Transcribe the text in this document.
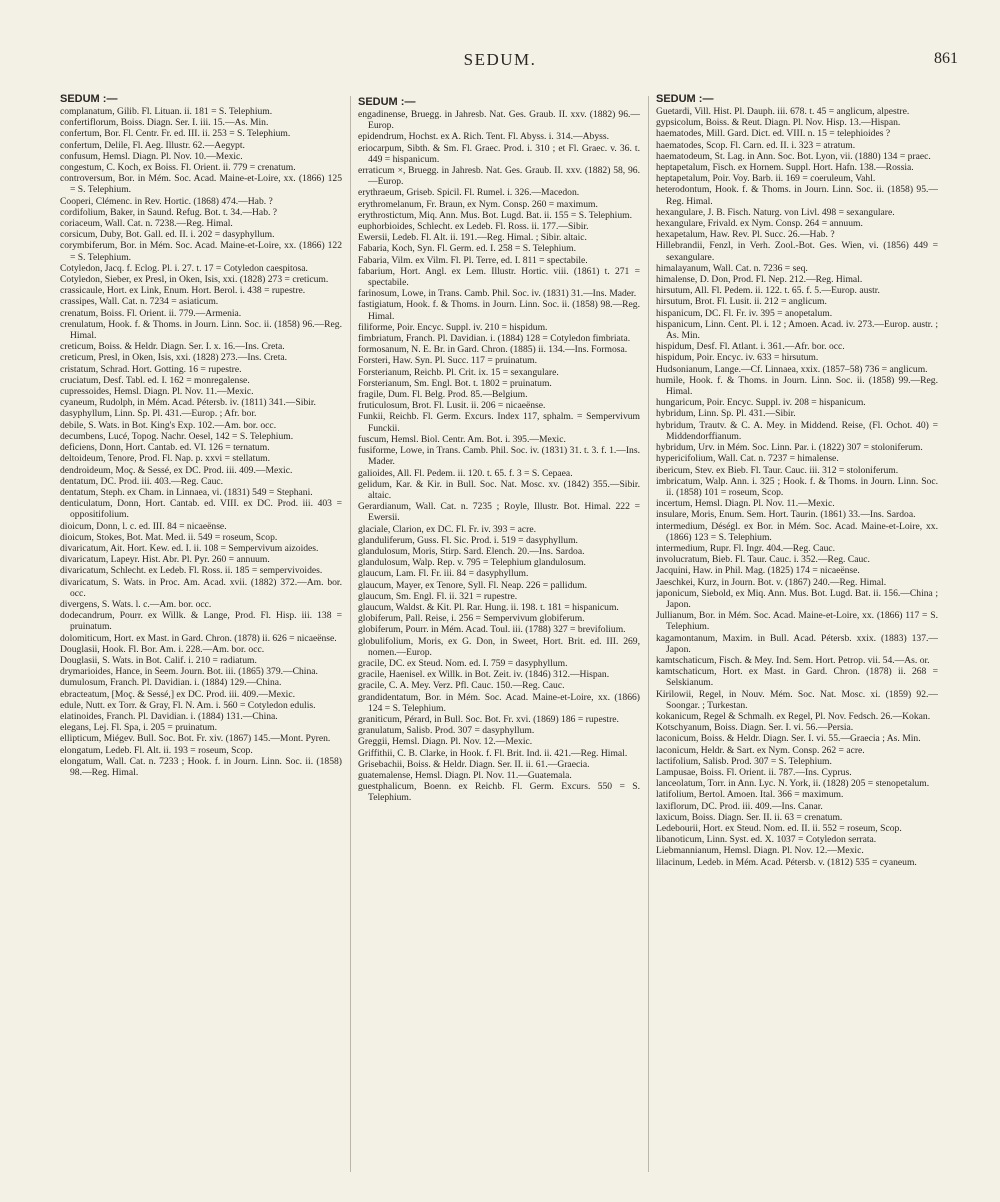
SEDUM.	861
SEDUM :—
complanatum, Gilib. Fl. Lituan. ii. 181 = S. Telephium.
confertiflorum, Boiss. Diagn. Ser. I. iii. 15.—As. Min.
confertum, Bor. Fl. Centr. Fr. ed. III. ii. 253 = S. Telephium.
confertum, Delile, Fl. Aeg. Illustr. 62.—Aegypt.
confusum, Hemsl. Diagn. Pl. Nov. 10.—Mexic.
congestum, C. Koch, ex Boiss. Fl. Orient. ii. 779 = crenatum.
controversum, Bor. in Mém. Soc. Acad. Maine-et-Loire, xx. (1866) 125 = S. Telephium.
Cooperi, Clémenc. in Rev. Hortic. (1868) 474.—Hab. ?
cordifolium, Baker, in Saund. Refug. Bot. t. 34.—Hab. ?
coriaceum, Wall. Cat. n. 7238.—Reg. Himal.
corsicum, Duby, Bot. Gall. ed. II. i. 202 = dasyphyllum.
corymbiferum, Bor. in Mém. Soc. Acad. Maine-et-Loire, xx. (1866) 122 = S. Telephium.
Cotyledon, Jacq. f. Eclog. Pl. i. 27. t. 17 = Cotyledon caespitosa.
Cotyledon, Sieber, ex Presl, in Oken, Isis, xxi. (1828) 273 = creticum.
crassicaule, Hort. ex Link, Enum. Hort. Berol. i. 438 = rupestre.
crassipes, Wall. Cat. n. 7234 = asiaticum.
crenatum, Boiss. Fl. Orient. ii. 779.—Armenia.
crenulatum, Hook. f. & Thoms. in Journ. Linn. Soc. ii. (1858) 96.—Reg. Himal.
creticum, Boiss. & Heldr. Diagn. Ser. I. x. 16.—Ins. Creta.
creticum, Presl, in Oken, Isis, xxi. (1828) 273.—Ins. Creta.
cristatum, Schrad. Hort. Gotting. 16 = rupestre.
cruciatum, Desf. Tabl. ed. I. 162 = monregalense.
cupressoides, Hemsl. Diagn. Pl. Nov. 11.—Mexic.
cyaneum, Rudolph, in Mém. Acad. Pétersb. iv. (1811) 341.—Sibir.
dasyphyllum, Linn. Sp. Pl. 431.—Europ. ; Afr. bor.
debile, S. Wats. in Bot. King's Exp. 102.—Am. bor. occ.
decumbens, Lucé, Topog. Nachr. Oesel, 142 = S. Telephium.
deficiens, Donn, Hort. Cantab. ed. VI. 126 = ternatum.
deltoideum, Tenore, Prod. Fl. Nap. p. xxvi = stellatum.
dendroideum, Moç. & Sessé, ex DC. Prod. iii. 409.—Mexic.
dentatum, DC. Prod. iii. 403.—Reg. Cauc.
dentatum, Steph. ex Cham. in Linnaea, vi. (1831) 549 = Stephani.
denticulatum, Donn, Hort. Cantab. ed. VIII. ex DC. Prod. iii. 403 = oppositifolium.
dioicum, Donn, l. c. ed. III. 84 = nicaeënse.
dioicum, Stokes, Bot. Mat. Med. ii. 549 = roseum, Scop.
divaricatum, Ait. Hort. Kew. ed. I. ii. 108 = Sempervivum aizoides.
divaricatum, Lapeyr. Hist. Abr. Pl. Pyr. 260 = annuum.
divaricatum, Schlecht. ex Ledeb. Fl. Ross. ii. 185 = sempervivoides.
divaricatum, S. Wats. in Proc. Am. Acad. xvii. (1882) 372.—Am. bor. occ.
divergens, S. Wats. l. c.—Am. bor. occ.
dodecandrum, Pourr. ex Willk. & Lange, Prod. Fl. Hisp. iii. 138 = pruinatum.
dolomiticum, Hort. ex Mast. in Gard. Chron. (1878) ii. 626 = nicaeënse.
Douglasii, Hook. Fl. Bor. Am. i. 228.—Am. bor. occ.
Douglasii, S. Wats. in Bot. Calif. i. 210 = radiatum.
drymarioides, Hance, in Seem. Journ. Bot. iii. (1865) 379.—China.
dumulosum, Franch. Pl. Davidian. i. (1884) 129.—China.
ebracteatum, [Moç. & Sessé,] ex DC. Prod. iii. 409.—Mexic.
edule, Nutt. ex Torr. & Gray, Fl. N. Am. i. 560 = Cotyledon edulis.
elatinoides, Franch. Pl. Davidian. i. (1884) 131.—China.
elegans, Lej. Fl. Spa, i. 205 = pruinatum.
ellipticum, Miégev. Bull. Soc. Bot. Fr. xiv. (1867) 145.—Mont. Pyren.
elongatum, Ledeb. Fl. Alt. ii. 193 = roseum, Scop.
elongatum, Wall. Cat. n. 7233 ; Hook. f. in Journ. Linn. Soc. ii. (1858) 98.—Reg. Himal.
SEDUM :—
engadinense, Bruegg. in Jahresb. Nat. Ges. Graub. II. xxv. (1882) 96.—Europ.
epidendrum, Hochst. ex A. Rich. Tent. Fl. Abyss. i. 314.—Abyss.
eriocarpum, Sibth. & Sm. Fl. Graec. Prod. i. 310 ; et Fl. Graec. v. 36. t. 449 = hispanicum.
erraticum ×, Bruegg. in Jahresb. Nat. Ges. Graub. II. xxv. (1882) 58, 96.—Europ.
erythraeum, Griseb. Spicil. Fl. Rumel. i. 326.—Macedon.
erythromelanum, Fr. Braun, ex Nym. Consp. 260 = maximum.
erythrostictum, Miq. Ann. Mus. Bot. Lugd. Bat. ii. 155 = S. Telephium.
euphorbioides, Schlecht. ex Ledeb. Fl. Ross. ii. 177.—Sibir.
Ewersii, Ledeb. Fl. Alt. ii. 191.—Reg. Himal. ; Sibir. altaic.
Fabaria, Koch, Syn. Fl. Germ. ed. I. 258 = S. Telephium.
Fabaria, Vilm. ex Vilm. Fl. Pl. Terre, ed. I. 811 = spectabile.
fabarium, Hort. Angl. ex Lem. Illustr. Hortic. viii. (1861) t. 271 = spectabile.
farinosum, Lowe, in Trans. Camb. Phil. Soc. iv. (1831) 31.—Ins. Mader.
fastigiatum, Hook. f. & Thoms. in Journ. Linn. Soc. ii. (1858) 98.—Reg. Himal.
filiforme, Poir. Encyc. Suppl. iv. 210 = hispidum.
fimbriatum, Franch. Pl. Davidian. i. (1884) 128 = Cotyledon fimbriata.
formosanum, N. E. Br. in Gard. Chron. (1885) ii. 134.—Ins. Formosa.
Forsteri, Haw. Syn. Pl. Succ. 117 = pruinatum.
Forsterianum, Reichb. Pl. Crit. ix. 15 = sexangulare.
Forsterianum, Sm. Engl. Bot. t. 1802 = pruinatum.
fragile, Dum. Fl. Belg. Prod. 85.—Belgium.
fruticulosum, Brot. Fl. Lusit. ii. 206 = nicaeënse.
Funkii, Reichb. Fl. Germ. Excurs. Index 117, sphalm. = Sempervivum Funckii.
fuscum, Hemsl. Biol. Centr. Am. Bot. i. 395.—Mexic.
fusiforme, Lowe, in Trans. Camb. Phil. Soc. iv. (1831) 31. t. 3. f. 1.—Ins. Mader.
galioides, All. Fl. Pedem. ii. 120. t. 65. f. 3 = S. Cepaea.
gelidum, Kar. & Kir. in Bull. Soc. Nat. Mosc. xv. (1842) 355.—Sibir. altaic.
Gerardianum, Wall. Cat. n. 7235 ; Royle, Illustr. Bot. Himal. 222 = Ewersii.
glaciale, Clarion, ex DC. Fl. Fr. iv. 393 = acre.
glanduliferum, Guss. Fl. Sic. Prod. i. 519 = dasyphyllum.
glandulosum, Moris, Stirp. Sard. Elench. 20.—Ins. Sardoa.
glandulosum, Walp. Rep. v. 795 = Telephium glandulosum.
glaucum, Lam. Fl. Fr. iii. 84 = dasyphyllum.
glaucum, Mayer, ex Tenore, Syll. Fl. Neap. 226 = pallidum.
glaucum, Sm. Engl. Fl. ii. 321 = rupestre.
glaucum, Waldst. & Kit. Pl. Rar. Hung. ii. 198. t. 181 = hispanicum.
globiferum, Pall. Reise, i. 256 = Sempervivum globiferum.
globiferum, Pourr. in Mém. Acad. Toul. iii. (1788) 327 = brevifolium.
globulifolium, Moris, ex G. Don, in Sweet, Hort. Brit. ed. III. 269, nomen.—Europ.
gracile, DC. ex Steud. Nom. ed. I. 759 = dasyphyllum.
gracile, Haenisel. ex Willk. in Bot. Zeit. iv. (1846) 312.—Hispan.
gracile, C. A. Mey. Verz. Pfl. Cauc. 150.—Reg. Cauc.
grandidentatum, Bor. in Mém. Soc. Acad. Maine-et-Loire, xx. (1866) 124 = S. Telephium.
graniticum, Pérard, in Bull. Soc. Bot. Fr. xvi. (1869) 186 = rupestre.
granulatum, Salisb. Prod. 307 = dasyphyllum.
Greggii, Hemsl. Diagn. Pl. Nov. 12.—Mexic.
Griffithii, C. B. Clarke, in Hook. f. Fl. Brit. Ind. ii. 421.—Reg. Himal.
Grisebachii, Boiss. & Heldr. Diagn. Ser. II. ii. 61.—Graecia.
guatemalense, Hemsl. Diagn. Pl. Nov. 11.—Guatemala.
guestphalicum, Boenn. ex Reichb. Fl. Germ. Excurs. 550 = S. Telephium.
SEDUM :—
Guetardi, Vill. Hist. Pl. Dauph. iii. 678. t. 45 = anglicum, alpestre.
gypsicolum, Boiss. & Reut. Diagn. Pl. Nov. Hisp. 13.—Hispan.
haematodes, Mill. Gard. Dict. ed. VIII. n. 15 = telephioides ?
haematodes, Scop. Fl. Carn. ed. II. i. 323 = atratum.
haematodeum, St. Lag. in Ann. Soc. Bot. Lyon, vii. (1880) 134 = praec.
heptapetalum, Fisch. ex Hornem. Suppl. Hort. Hafn. 138.—Rossia.
heptapetalum, Poir. Voy. Barb. ii. 169 = coeruleum, Vahl.
heterodontum, Hook. f. & Thoms. in Journ. Linn. Soc. ii. (1858) 95.—Reg. Himal.
hexangulare, J. B. Fisch. Naturg. von Livl. 498 = sexangulare.
hexangulare, Frivald. ex Nym. Consp. 264 = annuum.
hexapetalum, Haw. Rev. Pl. Succ. 26.—Hab. ?
Hillebrandii, Fenzl, in Verh. Zool.-Bot. Ges. Wien, vi. (1856) 449 = sexangulare.
himalayanum, Wall. Cat. n. 7236 = seq.
himalense, D. Don, Prod. Fl. Nep. 212.—Reg. Himal.
hirsutum, All. Fl. Pedem. ii. 122. t. 65. f. 5.—Europ. austr.
hirsutum, Brot. Fl. Lusit. ii. 212 = anglicum.
hispanicum, DC. Fl. Fr. iv. 395 = anopetalum.
hispanicum, Linn. Cent. Pl. i. 12 ; Amoen. Acad. iv. 273.—Europ. austr. ; As. Min.
hispidum, Desf. Fl. Atlant. i. 361.—Afr. bor. occ.
hispidum, Poir. Encyc. iv. 633 = hirsutum.
Hudsonianum, Lange.—Cf. Linnaea, xxix. (1857–58) 736 = anglicum.
humile, Hook. f. & Thoms. in Journ. Linn. Soc. ii. (1858) 99.—Reg. Himal.
hungaricum, Poir. Encyc. Suppl. iv. 208 = hispanicum.
hybridum, Linn. Sp. Pl. 431.—Sibir.
hybridum, Trautv. & C. A. Mey. in Middend. Reise, (Fl. Ochot. 40) = Middendorffianum.
hybridum, Urv. in Mém. Soc. Linn. Par. i. (1822) 307 = stoloniferum.
hypericifolium, Wall. Cat. n. 7237 = himalense.
ibericum, Stev. ex Bieb. Fl. Taur. Cauc. iii. 312 = stoloniferum.
imbricatum, Walp. Ann. i. 325 ; Hook. f. & Thoms. in Journ. Linn. Soc. ii. (1858) 101 = roseum, Scop.
incertum, Hemsl. Diagn. Pl. Nov. 11.—Mexic.
insulare, Moris, Enum. Sem. Hort. Taurin. (1861) 33.—Ins. Sardoa.
intermedium, Déségl. ex Bor. in Mém. Soc. Acad. Maine-et-Loire, xx. (1866) 123 = S. Telephium.
intermedium, Rupr. Fl. Ingr. 404.—Reg. Cauc.
involucratum, Bieb. Fl. Taur. Cauc. i. 352.—Reg. Cauc.
Jacquini, Haw. in Phil. Mag. (1825) 174 = nicaeënse.
Jaeschkei, Kurz, in Journ. Bot. v. (1867) 240.—Reg. Himal.
japonicum, Siebold, ex Miq. Ann. Mus. Bot. Lugd. Bat. ii. 156.—China ; Japon.
Jullianum, Bor. in Mém. Soc. Acad. Maine-et-Loire, xx. (1866) 117 = S. Telephium.
kagamontanum, Maxim. in Bull. Acad. Pétersb. xxix. (1883) 137.—Japon.
kamtschaticum, Fisch. & Mey. Ind. Sem. Hort. Petrop. vii. 54.—As. or.
kamtschaticum, Hort. ex Mast. in Gard. Chron. (1878) ii. 268 = Selskianum.
Kirilowii, Regel, in Nouv. Mém. Soc. Nat. Mosc. xi. (1859) 92.—Soongar. ; Turkestan.
kokanicum, Regel & Schmalh. ex Regel, Pl. Nov. Fedsch. 26.—Kokan.
Kotschyanum, Boiss. Diagn. Ser. I. vi. 56.—Persia.
laconicum, Boiss. & Heldr. Diagn. Ser. I. vi. 55.—Graecia ; As. Min.
laconicum, Heldr. & Sart. ex Nym. Consp. 262 = acre.
lactifolium, Salisb. Prod. 307 = S. Telephium.
Lampusae, Boiss. Fl. Orient. ii. 787.—Ins. Cyprus.
lanceolatum, Torr. in Ann. Lyc. N. York, ii. (1828) 205 = stenopetalum.
latifolium, Bertol. Amoen. Ital. 366 = maximum.
laxiflorum, DC. Prod. iii. 409.—Ins. Canar.
laxicum, Boiss. Diagn. Ser. II. ii. 63 = crenatum.
Ledebourii, Hort. ex Steud. Nom. ed. II. ii. 552 = roseum, Scop.
libanoticum, Linn. Syst. ed. X. 1037 = Cotyledon serrata.
Liebmannianum, Hemsl. Diagn. Pl. Nov. 12.—Mexic.
lilacinum, Ledeb. in Mém. Acad. Pétersb. v. (1812) 535 = cyaneum.
